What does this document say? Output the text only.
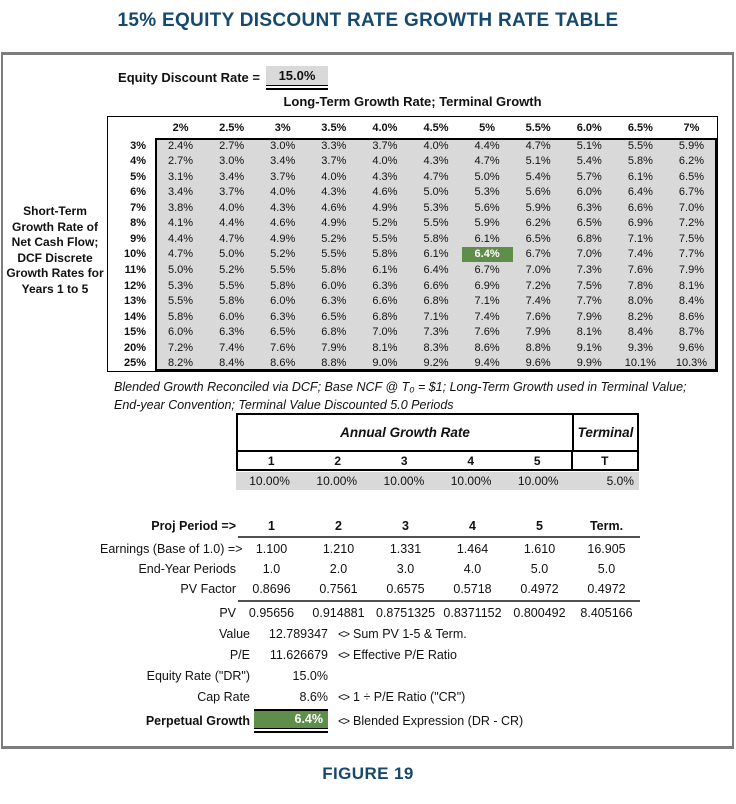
15% EQUITY DISCOUNT RATE GROWTH RATE TABLE
Equity Discount Rate =	15.0%
Long-Term Growth Rate; Terminal Growth
2%	2.5%	3%	3.5%	4.0%	4.5%	5%	5.5%	6.0%	6.5%	7%
3%	2.4%	2.7%	3.0%	3.3%	3.7%	4.0%	4.4%	4.7%	5.1%	5.5%	5.9%
4%	2.7%	3.0%	3.4%	3.7%	4.0%	4.3%	4.7%	5.1%	5.4%	5.8%	6.2%
5%	3.1%	3.4%	3.7%	4.0%	4.3%	4.7%	5.0%	5.4%	5.7%	6.1%	6.5%
6%	3.4%	3.7%	4.0%	4.3%	4.6%	5.0%	5.3%	5.6%	6.0%	6.4%	6.7%
7%	3.8%	4.0%	4.3%	4.6%	4.9%	5.3%	5.6%	5.9%	6.3%	6.6%	7.0%
8%	4.1%	4.4%	4.6%	4.9%	5.2%	5.5%	5.9%	6.2%	6.5%	6.9%	7.2%
9%	4.4%	4.7%	4.9%	5.2%	5.5%	5.8%	6.1%	6.5%	6.8%	7.1%	7.5%
10%	4.7%	5.0%	5.2%	5.5%	5.8%	6.1%	6.4%	6.7%	7.0%	7.4%	7.7%
11%	5.0%	5.2%	5.5%	5.8%	6.1%	6.4%	6.7%	7.0%	7.3%	7.6%	7.9%
12%	5.3%	5.5%	5.8%	6.0%	6.3%	6.6%	6.9%	7.2%	7.5%	7.8%	8.1%
13%	5.5%	5.8%	6.0%	6.3%	6.6%	6.8%	7.1%	7.4%	7.7%	8.0%	8.4%
14%	5.8%	6.0%	6.3%	6.5%	6.8%	7.1%	7.4%	7.6%	7.9%	8.2%	8.6%
15%	6.0%	6.3%	6.5%	6.8%	7.0%	7.3%	7.6%	7.9%	8.1%	8.4%	8.7%
20%	7.2%	7.4%	7.6%	7.9%	8.1%	8.3%	8.6%	8.8%	9.1%	9.3%	9.6%
25%	8.2%	8.4%	8.6%	8.8%	9.0%	9.2%	9.4%	9.6%	9.9%	10.1%	10.3%
Short-Term Growth Rate of Net Cash Flow; DCF Discrete Growth Rates for Years 1 to 5
Blended Growth Reconciled via DCF; Base NCF @ T₀ = $1; Long-Term Growth used in Terminal Value;
End-year Convention; Terminal Value Discounted 5.0 Periods
Annual Growth Rate	Terminal
1	2	3	4	5	T
10.00%	10.00%	10.00%	10.00%	10.00%	5.0%
Proj Period =>	1	2	3	4	5	Term.
Earnings (Base of 1.0) =>	1.100	1.210	1.331	1.464	1.610	16.905
End-Year Periods	1.0	2.0	3.0	4.0	5.0	5.0
PV Factor	0.8696	0.7561	0.6575	0.5718	0.4972	0.4972
PV	0.95656	0.914881 0.8751325 0.8371152 0.800492	8.405166
Value	12.789347 <> Sum PV 1-5 & Term.
P/E	11.626679 <> Effective P/E Ratio
Equity Rate ("DR")	15.0%
Cap Rate	8.6% <> 1 ÷ P/E Ratio ("CR")
Perpetual Growth	6.4%	<> Blended Expression (DR - CR)
FIGURE 19
